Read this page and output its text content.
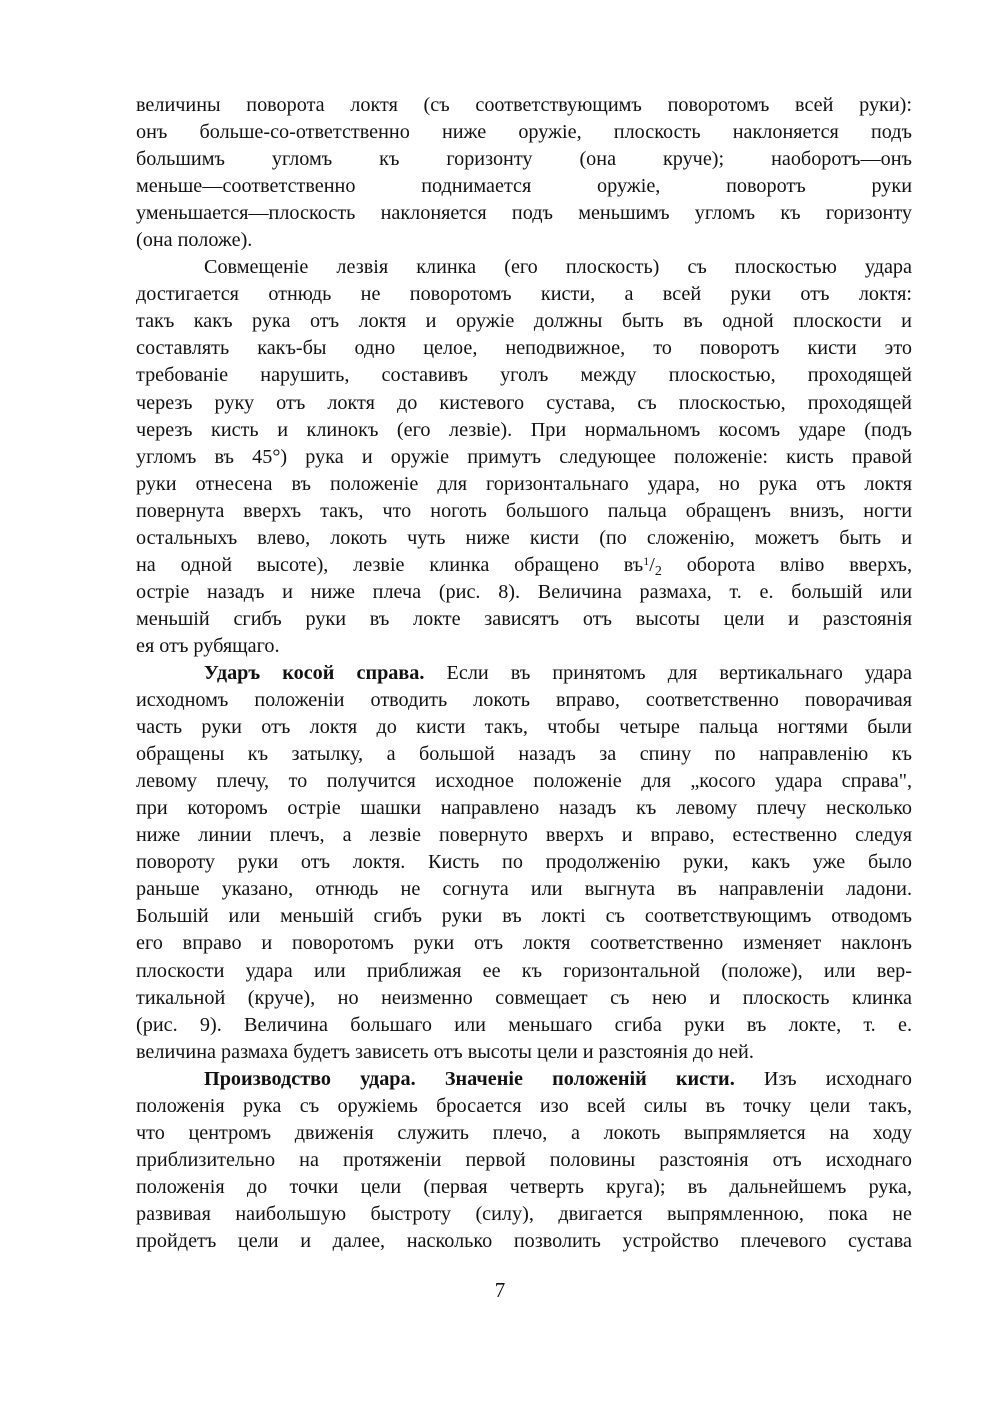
величины поворота локтя (съ соответствующимъ поворотомъ всей руки):
онъ больше-со-ответственно ниже оружіе, плоскость наклоняется подъ
большимъ угломъ къ горизонту (она круче); наоборотъ—онъ
меньше—соответственно поднимается оружіе, поворотъ руки
уменьшается—плоскость наклоняется подъ меньшимъ угломъ къ горизонту
(она положе).
Совмещеніе лезвія клинка (его плоскость) съ плоскостью удара
достигается отнюдь не поворотомъ кисти, а всей руки отъ локтя:
такъ какъ рука отъ локтя и оружіе должны быть въ одной плоскости и
составлять какъ-бы одно целое, неподвижное, то поворотъ кисти это
требованіе нарушить, составивъ уголъ между плоскостью, проходящей
черезъ руку отъ локтя до кистевого сустава, съ плоскостью, проходящей
черезъ кисть и клинокъ (его лезвіе). При нормальномъ косомъ ударе (подъ
угломъ въ 45°) рука и оружіе примутъ следующее положеніе: кисть правой
руки отнесена въ положеніе для горизонтальнаго удара, но рука отъ локтя
повернута вверхъ такъ, что ноготь большого пальца обращенъ внизъ, ногти
остальныхъ влево, локоть чуть ниже кисти (по сложенію, можетъ быть и
на одной высоте), лезвіе клинка обращено $въ^1/_2$ оборота вліво вверхъ,
острiе назадъ и ниже плеча (рис. 8). Величина размаха, т. е. большiй или
меньшiй сгибъ руки въ локте зависятъ отъ высоты цели и разстоянія
ея отъ рубящаго.
Ударъ косой справа. Если въ принятомъ для вертикальнаго удара
исходномъ положеніи отводить локоть вправо, соответственно поворачивая
часть руки отъ локтя до кисти такъ, чтобы четыре пальца ногтями были
обращены къ затылку, а большой назадъ за спину по направленію къ
левому плечу, то получится исходное положеніе для „косого удара справа",
при которомъ острiе шашки направлено назадъ къ левому плечу несколько
ниже линии плечъ, а лезвіе повернуто вверхъ и вправо, естественно следуя
повороту руки отъ локтя. Кисть по продолженію руки, какъ уже было
раньше указано, отнюдь не согнута или выгнута въ направленіи ладони.
Большiй или меньшiй сгибъ руки въ локтi съ соответствующимъ отводомъ
его вправо и поворотомъ руки отъ локтя соответственно изменяет наклонъ
плоскости удара или приближая ее къ горизонтальной (положе), или вер-
тикальной (круче), но неизменно совмещает съ нею и плоскость клинка
(рис. 9). Величина большаго или меньшаго сгиба руки въ локте, т. е.
величина размаха будетъ зависеть отъ высоты цели и разстоянія до ней.
Производство удара. Значеніе положеній кисти. Изъ исходнаго
положенія рука съ оружіемь бросается изо всей силы въ точку цели такъ,
что центромъ движенія служить плечо, а локоть выпрямляется на ходу
приблизительно на протяженіи первой половины разстоянія отъ исходнаго
положенія до точки цели (первая четверть круга); въ дальнейшемъ рука,
развивая наибольшую быстроту (силу), двигается выпрямленною, пока не
пройдетъ цели и далее, насколько позволить устройство плечевого сустава
7
